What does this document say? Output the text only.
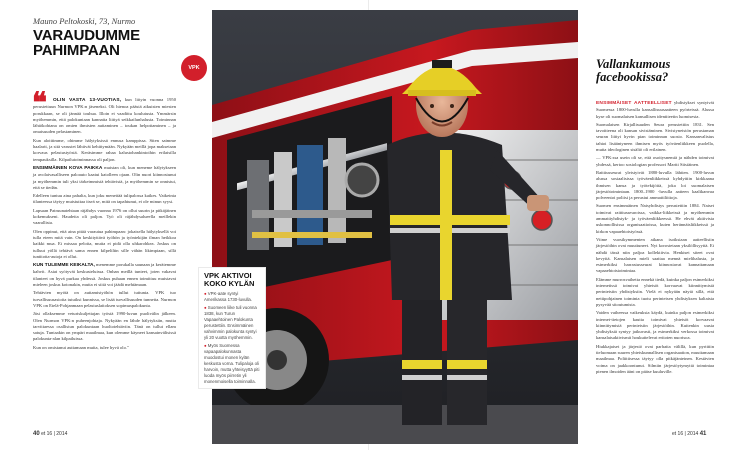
Mauno Peltokoski, 73, Nurmo
VARAUDUMME PAHIMPAAN
❝	OLIN VASTA 13-VUOTIAS, kun liityin vuonna 1950 perustettuun Nurmon VPK:n jäseneksi. Oli hienoa päästä aikuisten miesten porukkaan, se oli jännää touhua. Illoin ei vaadittu koulutusta. Ymmärsin myöhemmin, että palokuntaan kannatta liittyä seikkailunhalusta. Toiminnan lähtökohtana on omien ihmisten auttaminen – toukan helpottaminen – ja omaisuuden pelastaminen.

Kun aloittimme, ohimme hälytyksissä ennusa kamppissa. Siten saimme haalarit, ja sitä varustet lähtivät kehittymään. Nykyään meillä jopa maksetaan korvaus pelastustyöstä. Keräsimme rahaa kalustohankintoihin erilaisilla tempauksilla. Kilpailutoiminnassa oli paljon.

ENSIMMÄINEN KOVA PAIKKA muistan oli, kun meneme hälytykseen ja avolaivasalliseen paloauto kaatui katolleen ojaan. Olin nuori kiinnostunut ja myöhemmin tuli yksi tärkeimmistä tehtävistä, ja myöhemmin se onnistui, että se tiedän.

Edelleen tuntuu aina pahalta, kun joku menettää tulipalossa kaikes. Vaikeinta tilanteessa täytyy muistuttaa itseä se, mitä on tapahtunut, ei ole minun syysi.

Lapsaan Patruunatehtaan räjähdys vuonna 1976 on ollut suurin ja pitkäjäinen kokemukseni. Haudeita oli paljon. Työ oli räjähdysalueella meillekin vaarallista.

Olen oppinut, että aina pitää varautua pahimpaan: jokaisella hälytyksellä voi tulla eteen mitä vain. On keskityttävä työhön ja työntekijän ilman heikkoa kaikki mua. Ei missaa peloita, mutta ei pidä olla uhkarohkea. Joskus on tulluut yöllä tehtävä sama ennen kilpeliltin sille vähän likimpiaan, sillä tuntitotta-autoja ei ollut.

KUN TULEMME KEIKALTA, menemme porukalla saunaan ja kerätemme kahvit. Asiat syötyvät keskusteluissa. Onhan meillä tunteet, joten vakavat tilanteet on hyvä purkaa yhdessä. Joskus puhaan ennen toimittuu muistavat mieleen joskus kotonakin, mutta ei siitä voi jäädä mehtämaan.

Tehtävien myötä on auttamistyöhön tullut tuttunia. VPK tuo turvallisuusasioita tutuiksi kunnissa, se lisää turvallisuuden tunnetta. Nurmon VPK on Etelä-Pohjanmaan pelastuslaitoksen sopimuspalokunta.

Jäsi ollaksemme veturiskuljettajan työstä 1990-luvun puolivälin jälkeen. Olen Nurmon VPK:n puheenjohtaja. Nykyään en lähde hälytyksiin, mutta tarvittaessa osallistun palokuntaan huoltotehtäviin. Tänä on tullut ellam satuja. Tuntaakin on ympäri maailmaa, kun olemme käyneet kansainvälisissä palokunta-alan kilpailuissa.

Kun on omistanut auttamaan muita, tulee hyvä olo."

40 et 16 | 2014	et 16 | 2014 41
VPK
VPK AKTIVOI KOKO KYLÄN
● VPK-aate syntyi Amerikassa 1730-luvulla.
● Suomeen liike tuli vuonna 1838, kun Turun Vapaaehtoinen Palokunta perustettiin. Ensimmäinen vahvimmin palokunta syntyi yli 20 vuotta myöhemmin.
● Myös Suomessa vapaapalokunnasta muodostui monen kylän keskusta vorna. Tulipaloja oli harvoin, mutta yhteisyyttä piti luoda myös piirretin yli monenmoisella toiminnalla.
Vallankumous facebookissa?

ENSIMMÄISET AATTEELLISET yhdistykset syntyivät Suomessa 1800-luvulla kansallisuusaatteen pyörteissä. Alussa kyse oli suomalaisen kansallisen identiteetin luomisesta.

Suomalaisen Kirjallisuuden Seura perustettiin 1831. Sen tavoitteena oli kansan sivistäminen. Sivistyneistön perustaman seuran liittyi hyvin pian toiminnan suosio. Kansanvalistus tahtoi lisääntyneen ihmisen myös työväenliikkeen puolella, mutta ideologinen sisältö oli erilainen.

— VPK:ssa usein oli se, että osoitysnemiä ja nähden toimivat yhdessä, kertoo sosiologian professori Martti Siisiäinen.

Raittiusseurat yleistyivät 1880-luvulla lähtien. 1900-luvun alussa sosiaalisissa työväenliikkeissä kyhdyttiin kirkkaana ihmisen kansa ja työtekijöitä, joka loi suomalaisen järjestötoimintaan. 1800–1900 -luvulla aatteen kaalikanvaa polveentoi poliisi ja perustui ammattiliittoja.

Suomen ensimmäinen Naisyhdistys perustettiin 1884. Naiset toimivat raittiusseuroissa, vaikka-liikkeissä ja myöhemmin ammattiyhdistyk- ja työväenliikkeessä. He ehvät aktiivisia uskonnollisissa organisaatioissa, kuten herännäisliikkeissä ja kirkon vapaaehtoistyössä.

Viime vuosikymmenten aikana isoiksiaan aatteellisiin järjestöihin ovat muuttuneet. Nyt korostetaan yksilöllisyyttä. Ei nähdä tässä niin paljoa kollektiivia. Henkiset siteet ovat kevyitä. Kansalaisen mieli saattaa mennä mielihalusta, ja esimerkiksi harrastusseurat kiinnostavat kannattamaan vapaaehtoistoimintaa.

Elämme murrosvaihetta ennekä tiedä, kuinka paljon esimerkiksi internetissä toimivat yhteisöt korvaavat kiinnittymistä perinteisiin yhdistyksiin. Vielä ei nykyään näytä sillä, että nettipohjainen toiminta tuotu perinteisen yhdistyksen kaltaista pysyvää sitoutumista.

Vaiden vaiheessa vaikeuksia käydä, kuinka paljon esimerkiksi internet-tietojen kautta toimivat yhteisöt korvaavat kiinnittymistä perinteisiin järjestöihin. Kuitenkin uusia yhdistyksiä syntyy jatkuvasti, ja esimerkiksi verkossa toimivat kansalaisaktivismit houkuttelevat eritoten nuorisoa.

Hiukkajaiset ja järjestö ovat parhaita välillä, kun pyrittiin tieluomaan suuren yhteiskunnallisen organisaation, muuttamaan maailmaa. Poliittisessa täytyy olla pitkäjänteinen. Kestävien voima on jaakkoontunut. Silmiin järjestöytymyttä toimintaa pienen ilmoiden ääni on pääse kuuluville.
